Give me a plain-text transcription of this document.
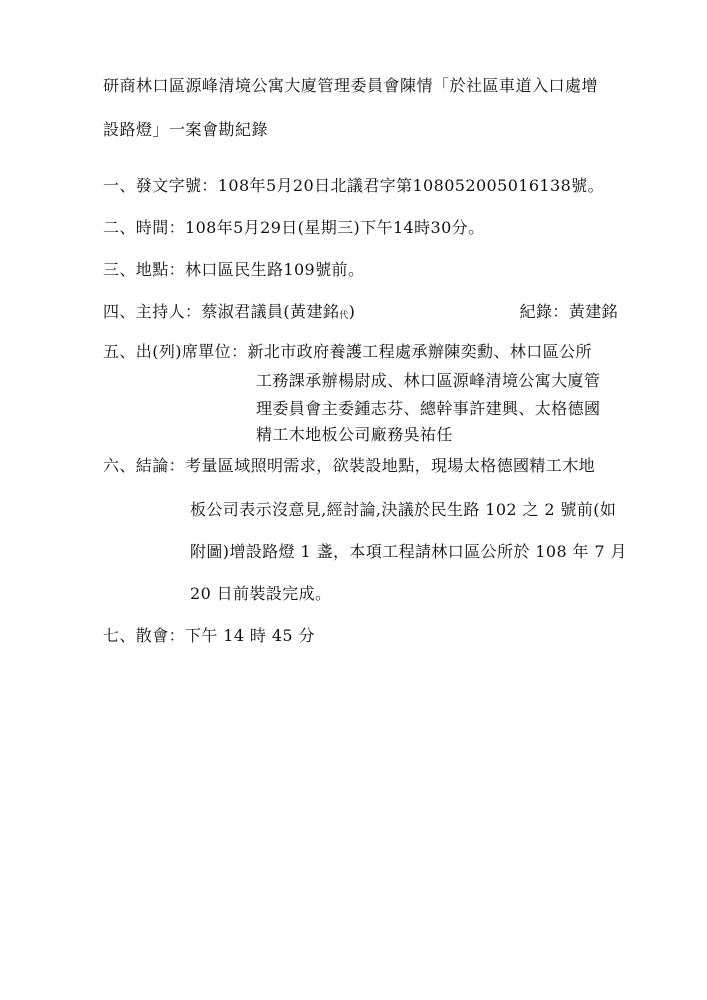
研商林口區源峰清境公寓大廈管理委員會陳情「於社區車道入口處增
設路燈」一案會勘紀錄
一、發文字號：108年5月20日北議君字第108052005016138號。
二、時間：108年5月29日(星期三)下午14時30分。
三、地點：林口區民生路109號前。
四、主持人：蔡淑君議員(黃建銘代)	紀錄：黃建銘
五、出(列)席單位：新北市政府養護工程處承辦陳奕勳、林口區公所
工務課承辦楊尉成、林口區源峰清境公寓大廈管
理委員會主委鍾志芬、總幹事許建興、太格德國
精工木地板公司廠務吳祐任
六、結論：考量區域照明需求，欲裝設地點，現場太格德國精工木地
板公司表示沒意見,經討論,決議於民生路 102 之 2 號前(如
附圖)增設路燈 1 盞，本項工程請林口區公所於 108 年 7 月
20 日前裝設完成。
七、散會：下午 14 時 45 分
